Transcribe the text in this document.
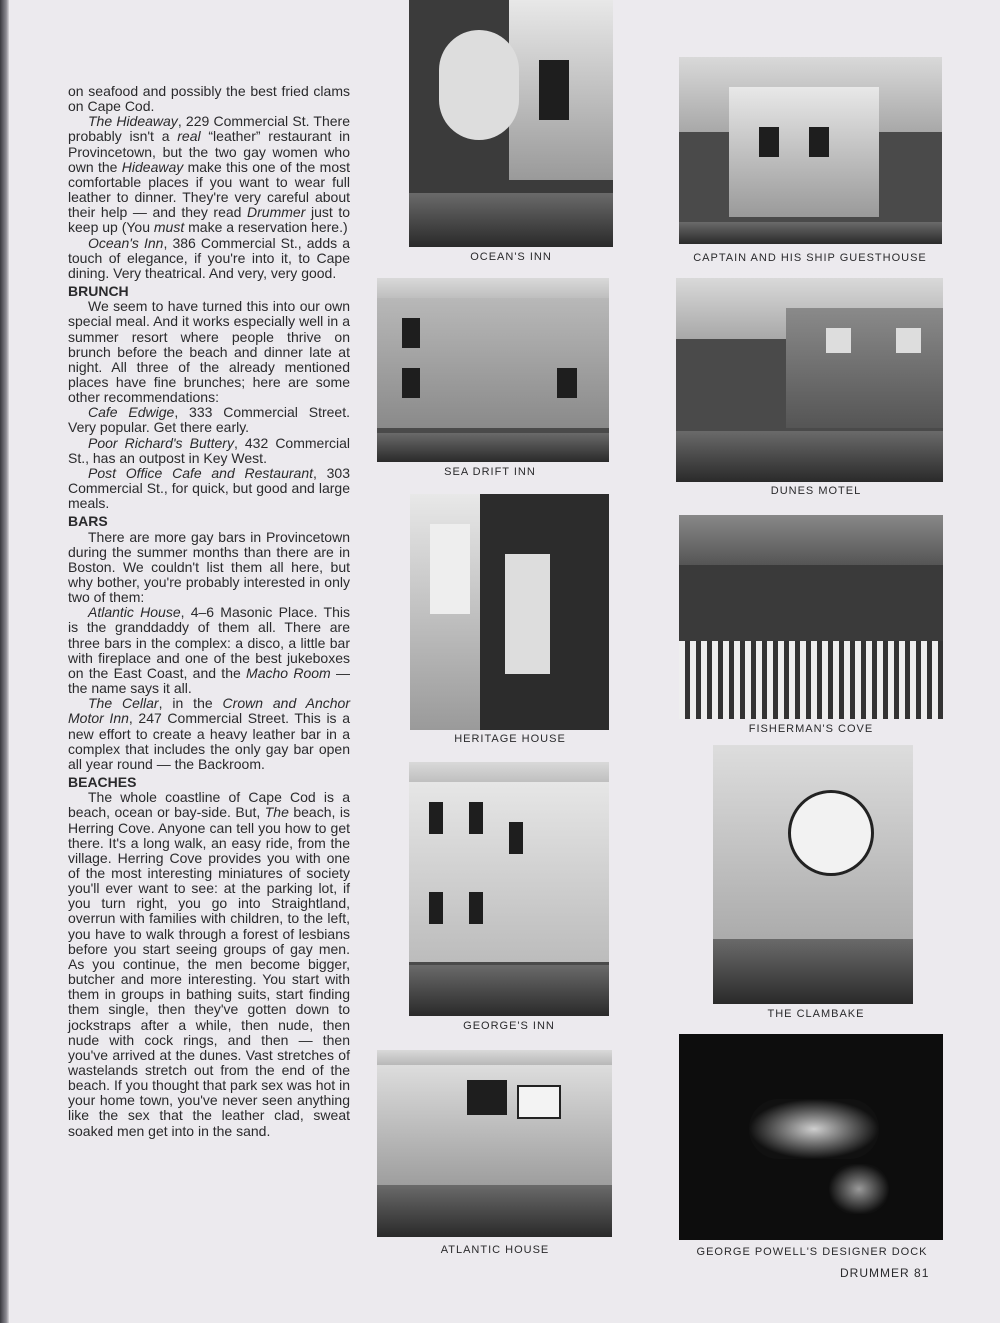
on seafood and possibly the best fried clams on Cape Cod.

The Hideaway, 229 Commercial St. There probably isn't a real “leather” restaurant in Provincetown, but the two gay women who own the Hideaway make this one of the most comfortable places if you want to wear full leather to dinner. They're very careful about their help — and they read Drummer just to keep up (You must make a reservation here.)

Ocean's Inn, 386 Commercial St., adds a touch of elegance, if you're into it, to Cape dining. Very theatrical. And very, very good.

BRUNCH

We seem to have turned this into our own special meal. And it works especially well in a summer resort where people thrive on brunch before the beach and dinner late at night. All three of the already mentioned places have fine brunches; here are some other recommendations:

Cafe Edwige, 333 Commercial Street. Very popular. Get there early.

Poor Richard's Buttery, 432 Commercial St., has an outpost in Key West.

Post Office Cafe and Restaurant, 303 Commercial St., for quick, but good and large meals.

BARS

There are more gay bars in Provincetown during the summer months than there are in Boston. We couldn't list them all here, but why bother, you're probably interested in only two of them:

Atlantic House, 4–6 Masonic Place. This is the granddaddy of them all. There are three bars in the complex: a disco, a little bar with fireplace and one of the best jukeboxes on the East Coast, and the Macho Room — the name says it all.

The Cellar, in the Crown and Anchor Motor Inn, 247 Commercial Street. This is a new effort to create a heavy leather bar in a complex that includes the only gay bar open all year round — the Backroom.

BEACHES

The whole coastline of Cape Cod is a beach, ocean or bay-side. But, The beach, is Herring Cove. Anyone can tell you how to get there. It's a long walk, an easy ride, from the village. Herring Cove provides you with one of the most interesting miniatures of society you'll ever want to see: at the parking lot, if you turn right, you go into Straightland, overrun with families with children, to the left, you have to walk through a forest of lesbians before you start seeing groups of gay men. As you continue, the men become bigger, butcher and more interesting. You start with them in groups in bathing suits, start finding them single, then they've gotten down to jockstraps after a while, then nude, then nude with cock rings, and then — then you've arrived at the dunes. Vast stretches of wastelands stretch out from the end of the beach. If you thought that park sex was hot in your home town, you've never seen anything like the sex that the leather clad, sweat soaked men get into in the sand.

OCEAN'S INN	CAPTAIN AND HIS SHIP GUESTHOUSE
SEA DRIFT INN
DUNES MOTEL
HERITAGE HOUSE
FISHERMAN'S COVE
GEORGE'S INN
THE CLAMBAKE
ATLANTIC HOUSE	GEORGE POWELL'S DESIGNER DOCK
DRUMMER 81
